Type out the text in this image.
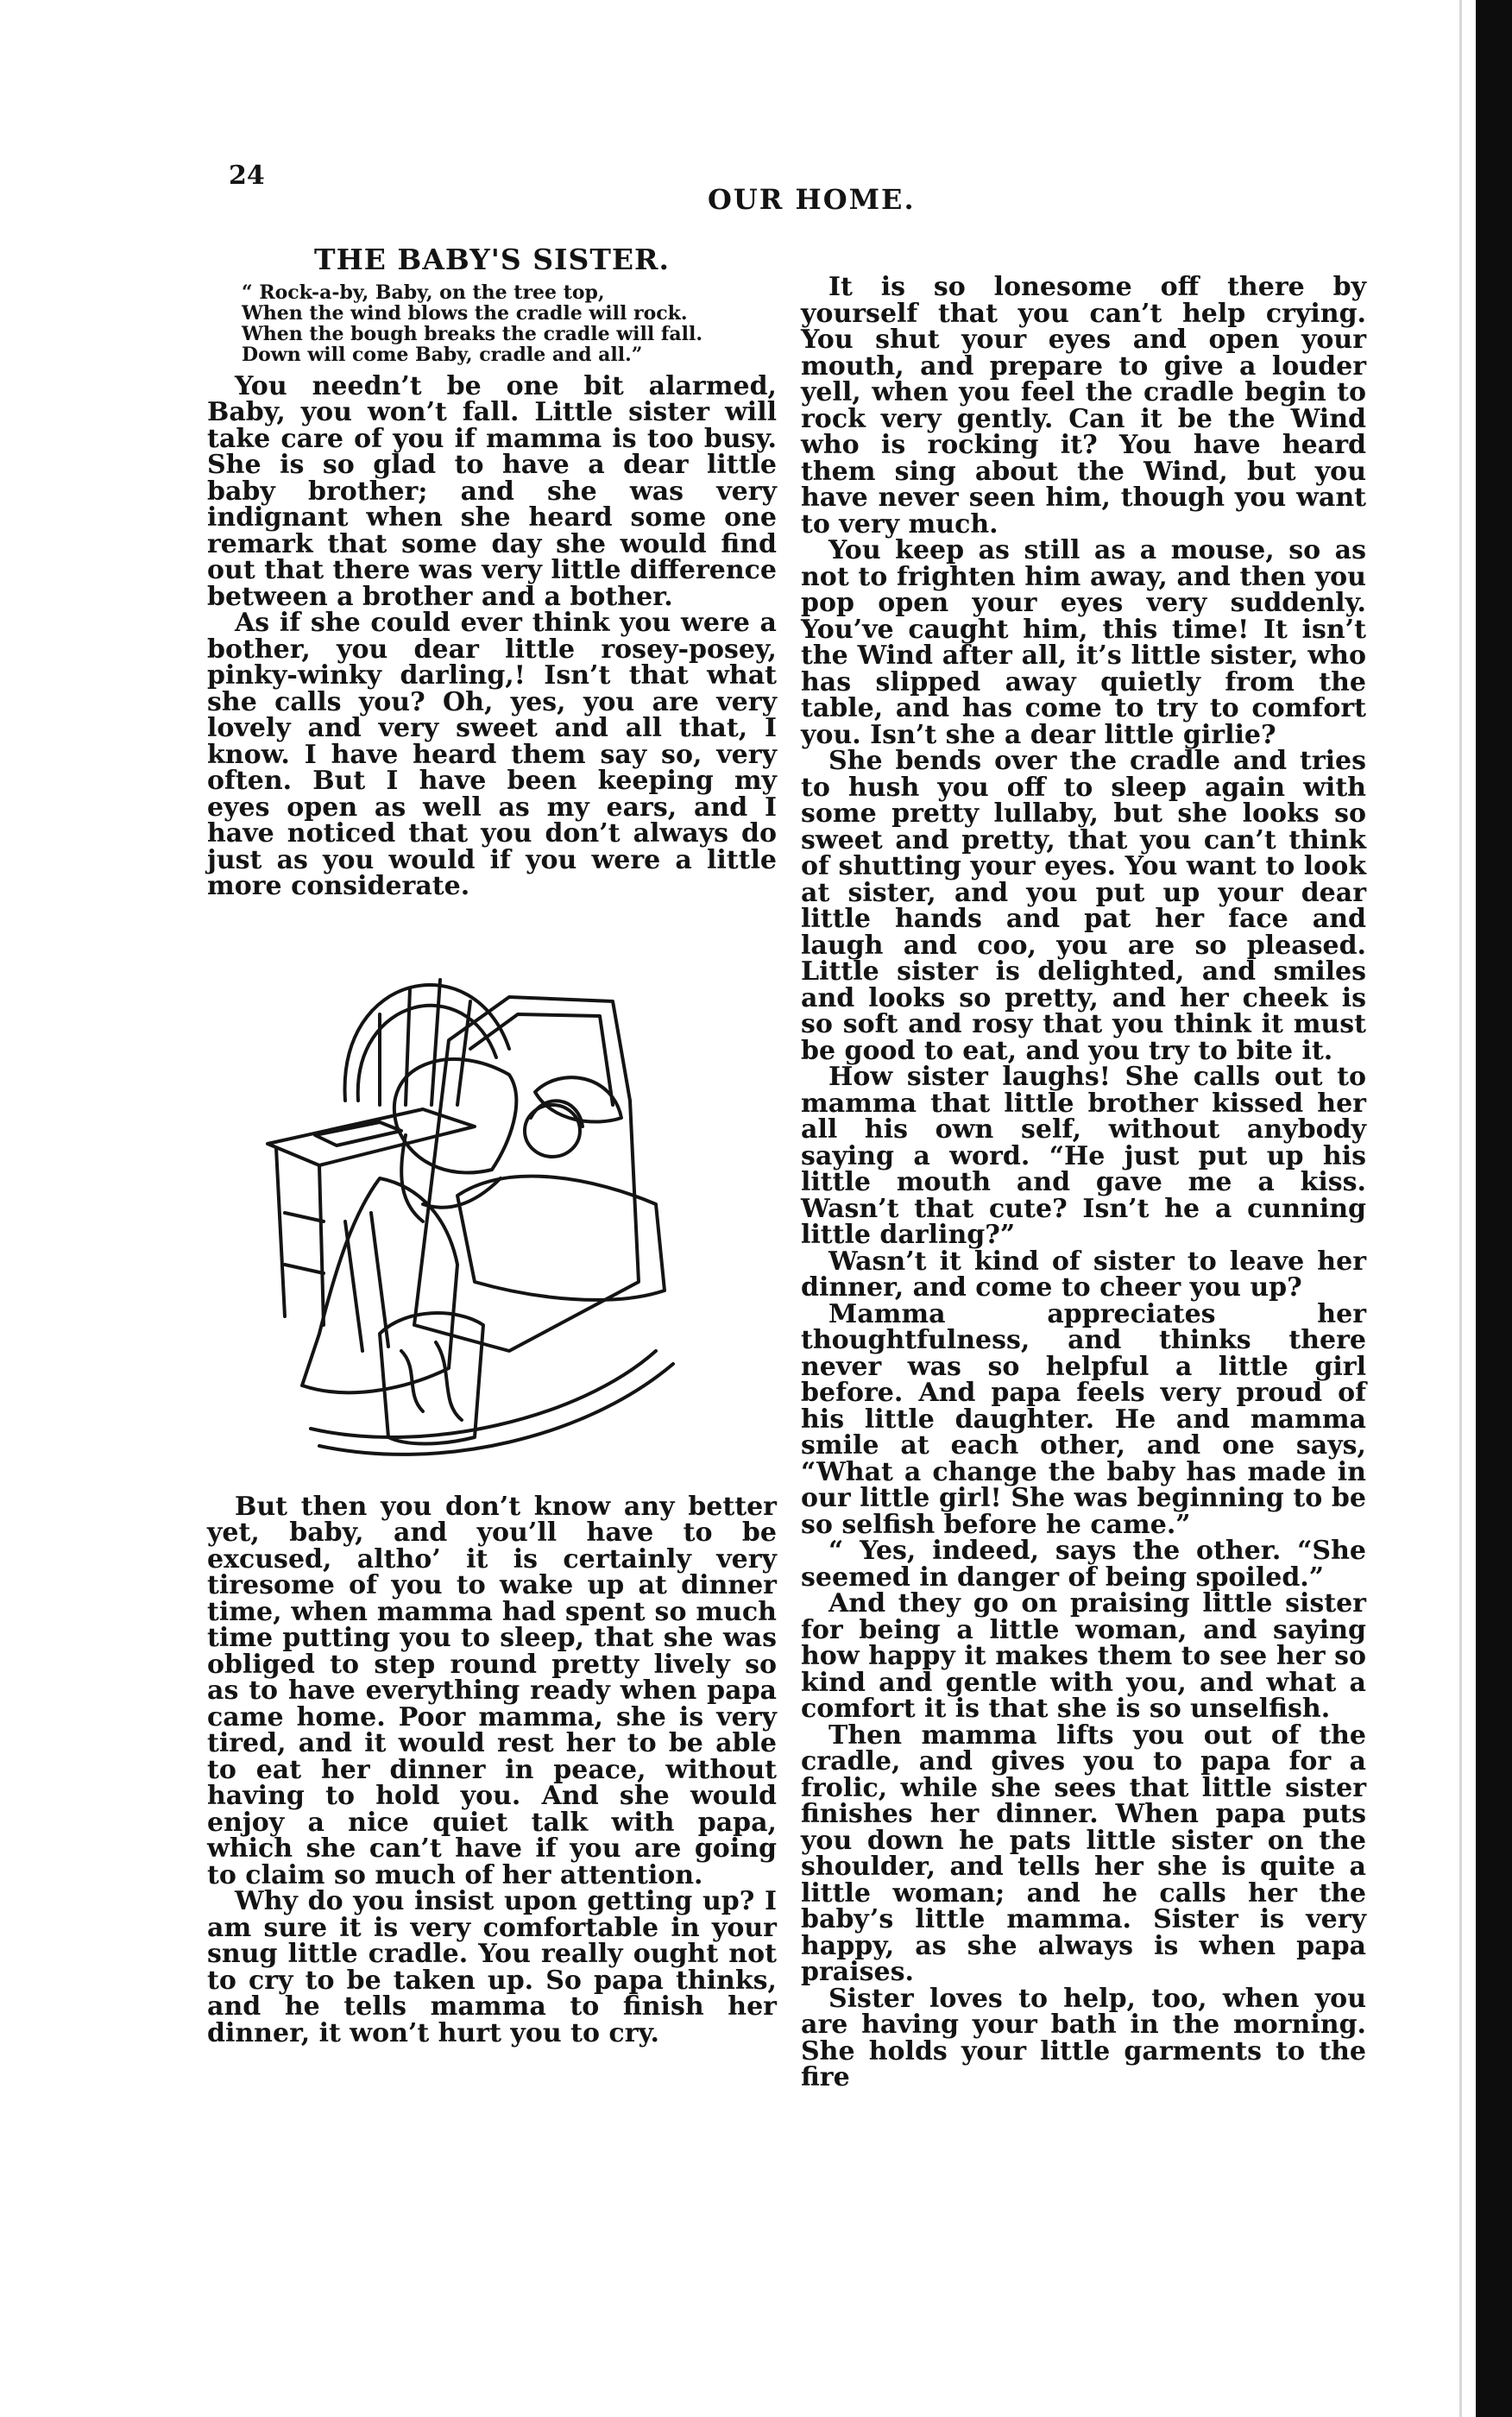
24
OUR HOME.
THE BABY'S SISTER.
“ Rock-a-by, Baby, on the tree top,
When the wind blows the cradle will rock.
When the bough breaks the cradle will fall.
Down will come Baby, cradle and all.”

You needn’t be one bit alarmed, Baby, you won’t fall. Little sister will take care of you if mamma is too busy. She is so glad to have a dear little baby brother; and she was very indignant when she heard some one remark that some day she would find out that there was very little difference between a brother and a bother.

As if she could ever think you were a bother, you dear little rosey-posey, pinky-winky darling,! Isn’t that what she calls you? Oh, yes, you are very lovely and very sweet and all that, I know. I have heard them say so, very often. But I have been keeping my eyes open as well as my ears, and I have noticed that you don’t always do just as you would if you were a little more considerate.

But then you don’t know any better yet, baby, and you’ll have to be excused, altho’ it is certainly very tiresome of you to wake up at dinner time, when mamma had spent so much time putting you to sleep, that she was obliged to step round pretty lively so as to have everything ready when papa came home. Poor mamma, she is very tired, and it would rest her to be able to eat her dinner in peace, without having to hold you. And she would enjoy a nice quiet talk with papa, which she can’t have if you are going to claim so much of her attention.

Why do you insist upon getting up? I am sure it is very comfortable in your snug little cradle. You really ought not to cry to be taken up. So papa thinks, and he tells mamma to finish her dinner, it won’t hurt you to cry.

It is so lonesome off there by yourself that you can’t help crying. You shut your eyes and open your mouth, and prepare to give a louder yell, when you feel the cradle begin to rock very gently. Can it be the Wind who is rocking it? You have heard them sing about the Wind, but you have never seen him, though you want to very much.

You keep as still as a mouse, so as not to frighten him away, and then you pop open your eyes very suddenly. You’ve caught him, this time! It isn’t the Wind after all, it’s little sister, who has slipped away quietly from the table, and has come to try to comfort you. Isn’t she a dear little girlie?

She bends over the cradle and tries to hush you off to sleep again with some pretty lullaby, but she looks so sweet and pretty, that you can’t think of shutting your eyes. You want to look at sister, and you put up your dear little hands and pat her face and laugh and coo, you are so pleased. Little sister is delighted, and smiles and looks so pretty, and her cheek is so soft and rosy that you think it must be good to eat, and you try to bite it.

How sister laughs! She calls out to mamma that little brother kissed her all his own self, without anybody saying a word. “He just put up his little mouth and gave me a kiss. Wasn’t that cute? Isn’t he a cunning little darling?”

Wasn’t it kind of sister to leave her dinner, and come to cheer you up?

Mamma appreciates her thoughtfulness, and thinks there never was so helpful a little girl before. And papa feels very proud of his little daughter. He and mamma smile at each other, and one says, “What a change the baby has made in our little girl! She was beginning to be so selfish before he came.”

“ Yes, indeed, says the other. “She seemed in danger of being spoiled.”

And they go on praising little sister for being a little woman, and saying how happy it makes them to see her so kind and gentle with you, and what a comfort it is that she is so unselfish.

Then mamma lifts you out of the cradle, and gives you to papa for a frolic, while she sees that little sister finishes her dinner. When papa puts you down he pats little sister on the shoulder, and tells her she is quite a little woman; and he calls her the baby’s little mamma. Sister is very happy, as she always is when papa praises.

Sister loves to help, too, when you are having your bath in the morning. She holds your little garments to the fire
